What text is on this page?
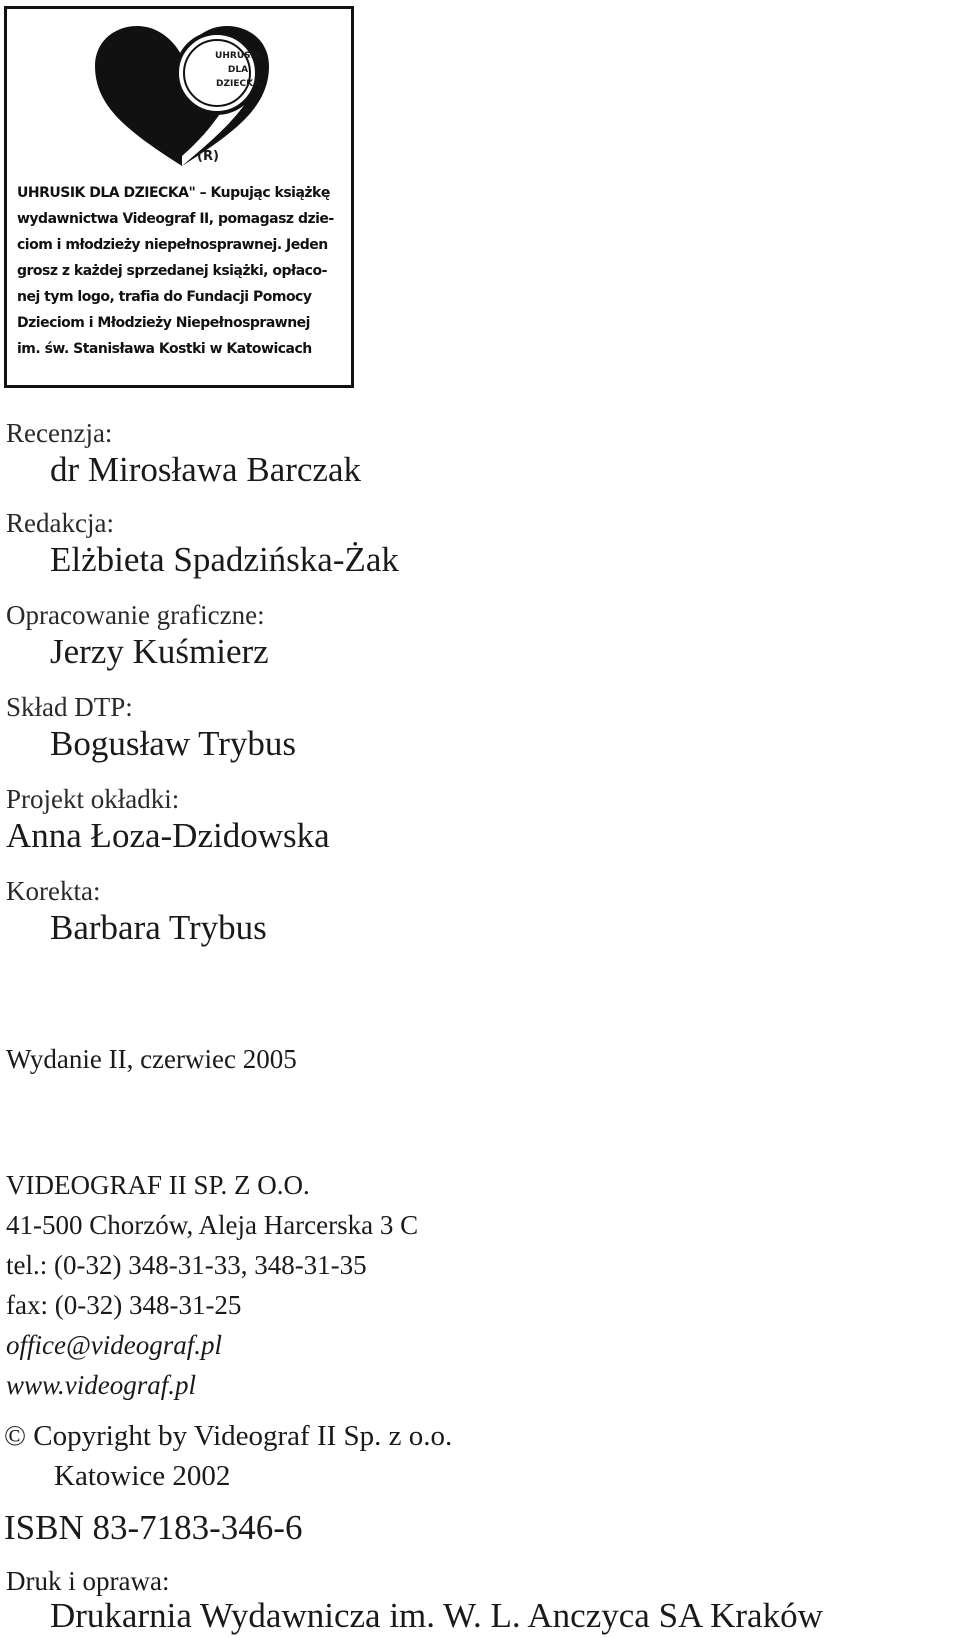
UHRUSIK
DLA
DZIECKA
(R)
UHRUSIK DLA DZIECKA" – Kupując książkę
wydawnictwa Videograf II, pomagasz dzie-
ciom i młodzieży niepełnosprawnej. Jeden
grosz z każdej sprzedanej książki, opłaco-
nej tym logo, trafia do Fundacji Pomocy
Dzieciom i Młodzieży Niepełnosprawnej
im. św. Stanisława Kostki w Katowicach
Recenzja:
dr Mirosława Barczak
Redakcja:
Elżbieta Spadzińska-Żak
Opracowanie graficzne:
Jerzy Kuśmierz
Skład DTP:
Bogusław Trybus
Projekt okładki:
Anna Łoza-Dzidowska
Korekta:
Barbara Trybus
Wydanie II, czerwiec 2005
VIDEOGRAF II SP. Z O.O.
41-500 Chorzów, Aleja Harcerska 3 C
tel.: (0-32) 348-31-33, 348-31-35
fax: (0-32) 348-31-25
office@videograf.pl
www.videograf.pl
© Copyright by Videograf II Sp. z o.o.
Katowice 2002
ISBN 83-7183-346-6
Druk i oprawa:
Drukarnia Wydawnicza im. W. L. Anczyca SA Kraków
